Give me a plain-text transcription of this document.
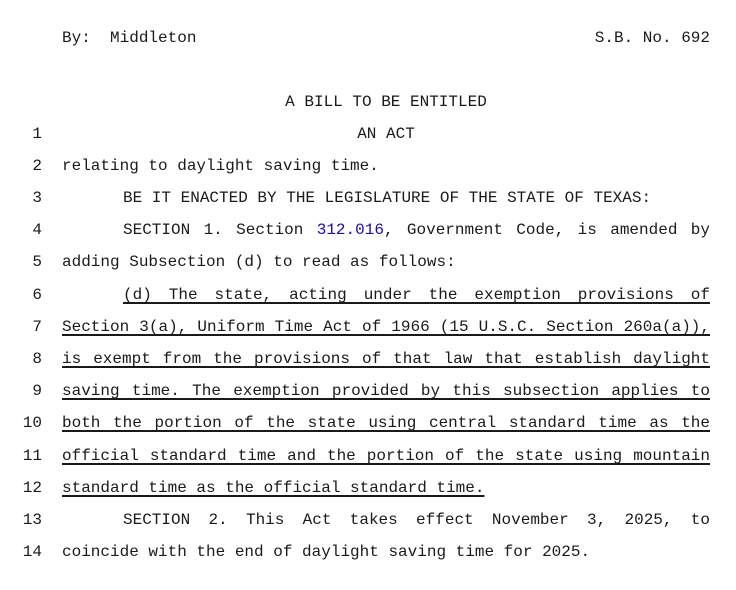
By:  Middleton	S.B. No. 692
A BILL TO BE ENTITLED
1	AN ACT
2 relating to daylight saving time.
3	BE IT ENACTED BY THE LEGISLATURE OF THE STATE OF TEXAS:
4	SECTION 1. Section 312.016, Government Code, is amended by
5 adding Subsection (d) to read as follows:
6	(d) The state, acting under the exemption provisions of
7 Section 3(a), Uniform Time Act of 1966 (15 U.S.C. Section 260a(a)),
8 is exempt from the provisions of that law that establish daylight
9 saving time. The exemption provided by this subsection applies to
10 both the portion of the state using central standard time as the
11 official standard time and the portion of the state using mountain
12 standard time as the official standard time.
13	SECTION 2. This Act takes effect November 3, 2025, to
14 coincide with the end of daylight saving time for 2025.
